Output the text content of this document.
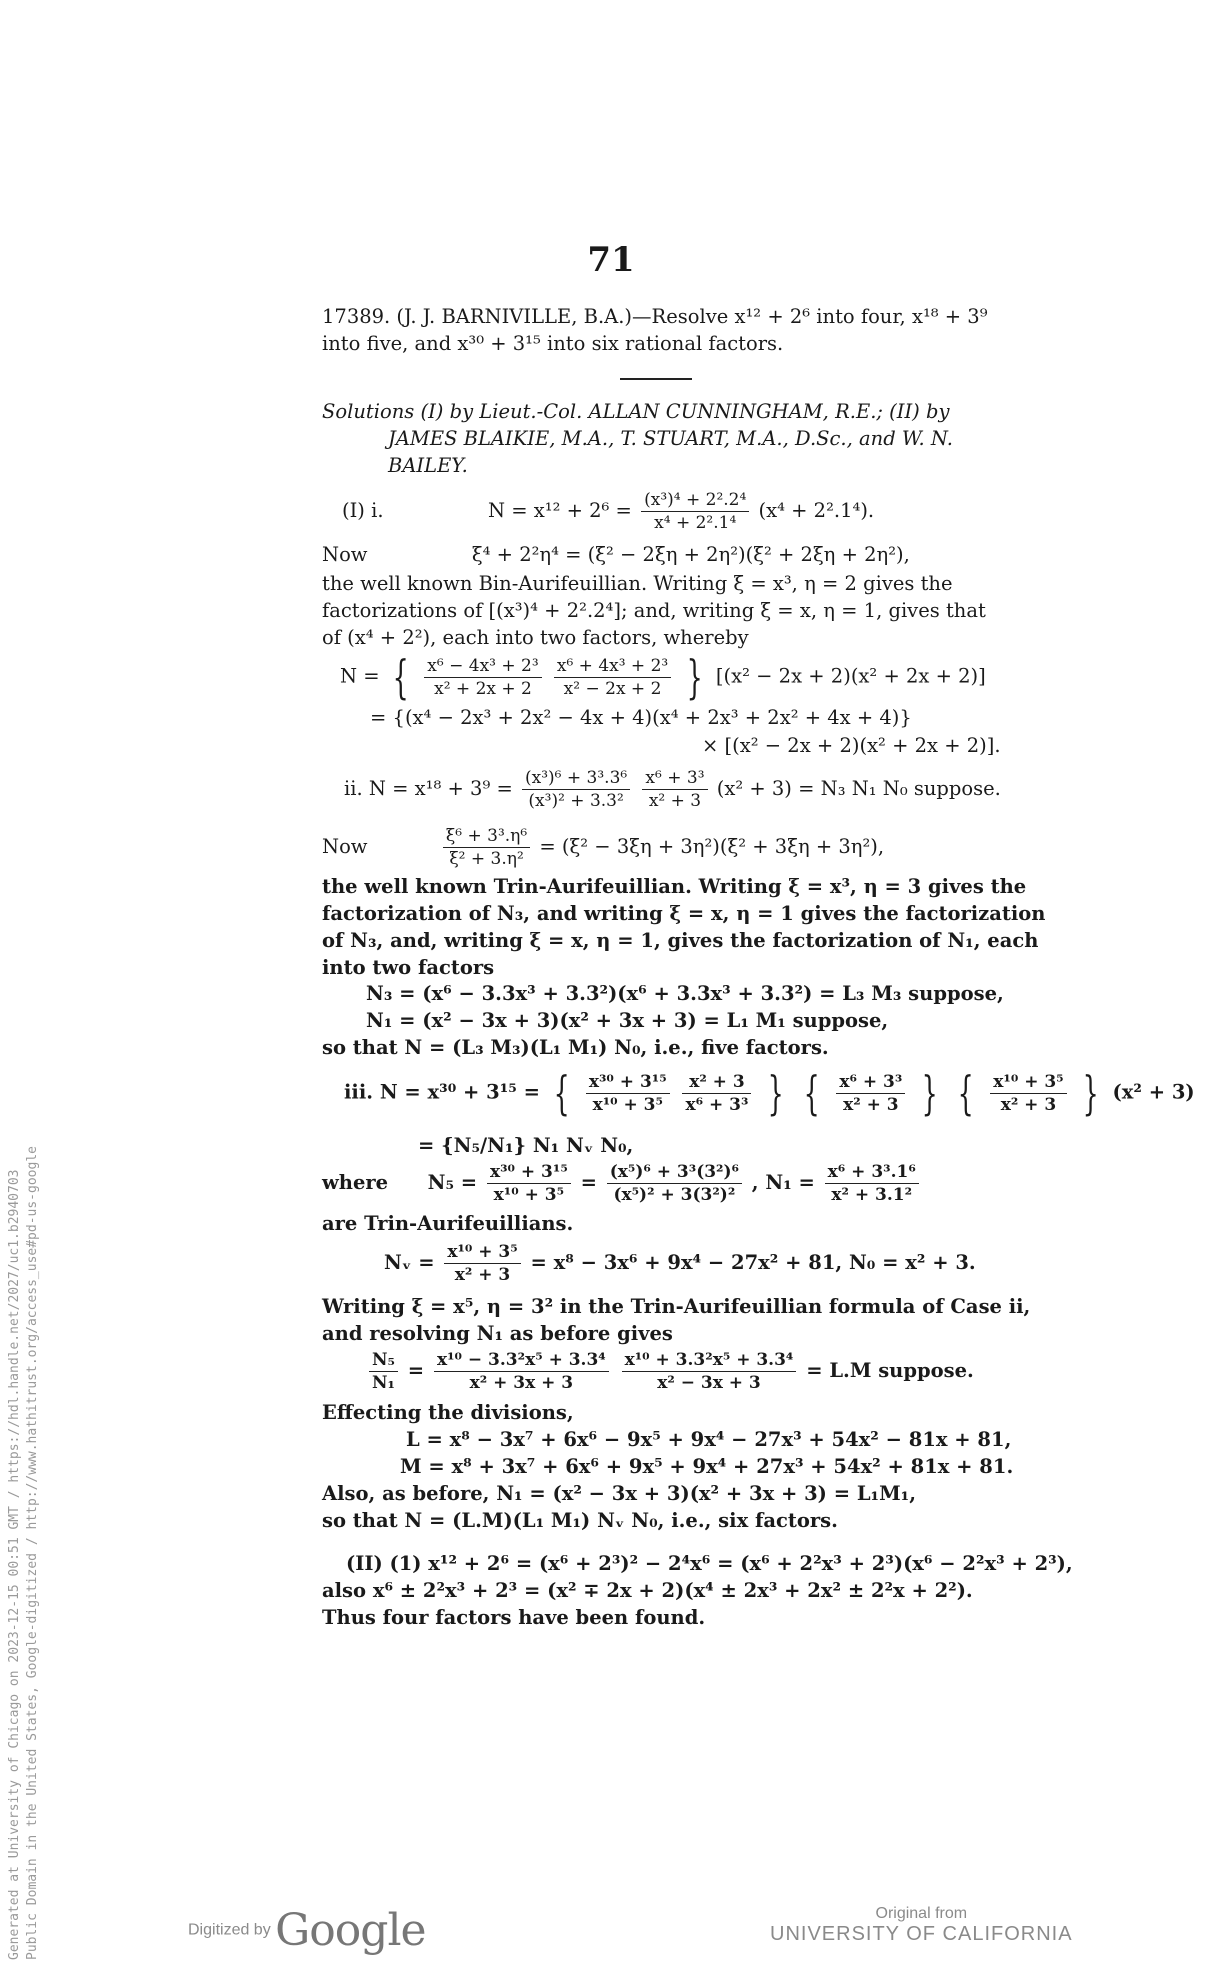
71
17389. (J. J. BARNIVILLE, B.A.)—Resolve x¹² + 2⁶ into four, x¹⁸ + 3⁹
into five, and x³⁰ + 3¹⁵ into six rational factors.
Solutions (I) by Lieut.-Col. ALLAN CUNNINGHAM, R.E.; (II) by
JAMES BLAIKIE, M.A., T. STUART, M.A., D.Sc., and W. N.
BAILEY.
(I) i.	$N = x^{12} + 2^6 = \frac{\text{(x³)⁴ + 2².2⁴}}{\text{x⁴ + 2².1⁴}} (x^4 + 2^2.1^4)$.
Now	ξ⁴ + 2²η⁴ = (ξ² − 2ξη + 2η²)(ξ² + 2ξη + 2η²),
the well known Bin-Aurifeuillian. Writing ξ = x³, η = 2 gives the
factorizations of [(x³)⁴ + 2².2⁴]; and, writing ξ = x, η = 1, gives that
of (x⁴ + 2²), each into two factors, whereby
N = { $\frac{\text{x⁶ − 4x³ + 2³}}{\text{x² + 2x + 2}}$
$\frac{\text{x⁶ + 4x³ + 2³}}{\text{x² − 2x + 2}}$ } [(x² − 2x + 2)(x² + 2x + 2)]
= {(x⁴ − 2x³ + 2x² − 4x + 4)(x⁴ + 2x³ + 2x² + 4x + 4)}
× [(x² − 2x + 2)(x² + 2x + 2)].
ii. $N = x^{18} + 3^9 = \frac{\text{(x³)⁶ + 3³.3⁶}}{\text{(x³)² + 3.3²}}$
$\frac{\text{x⁶ + 3³}}{\text{x² + 3}} (x^2 + 3) = N_3$ N₁ N₀ suppose.
Now	$\frac{\text{ξ⁶ + 3³.η⁶}}{\text{ξ² + 3.η²}} = (\xi^2 - 3\xi\eta + 3\eta^2)(\xi^2 + 3\xi\eta + 3\eta^2)$,
the well known Trin-Aurifeuillian. Writing ξ = x³, η = 3 gives the
factorization of N₃, and writing ξ = x, η = 1 gives the factorization
of N₃, and, writing ξ = x, η = 1, gives the factorization of N₁, each
into two factors
N₃ = (x⁶ − 3.3x³ + 3.3²)(x⁶ + 3.3x³ + 3.3²) = L₃ M₃ suppose,
N₁ = (x² − 3x + 3)(x² + 3x + 3) = L₁ M₁ suppose,
so that N = (L₃ M₃)(L₁ M₁) N₀, i.e., five factors.
iii. N = x³⁰ + 3¹⁵ = { $\frac{\text{x³⁰ + 3¹⁵}}{\text{x¹⁰ + 3⁵}}$
$\frac{\text{x² + 3}}{\text{x⁶ + 3³}}$ } { $\frac{\text{x⁶ + 3³}}{\text{x² + 3}}$ } { $\frac{\text{x¹⁰ + 3⁵}}{\text{x² + 3}}$ } (x² + 3)
= {N₅/N₁} N₁ Nᵥ N₀,
where $N_5 = \frac{\text{x³⁰ + 3¹⁵}}{\text{x¹⁰ + 3⁵}} = \frac{\text{(x⁵)⁶ + 3³(3²)⁶}}{\text{(x⁵)² + 3(3²)²}}$ , $N_1 = \frac{\text{x⁶ + 3³.1⁶}}{\text{x² + 3.1²}}$
are Trin-Aurifeuillians.
Nᵥ = $\frac{\text{x¹⁰ + 3⁵}}{\text{x² + 3}} = x^8 - 3x^6 + 9x^4 - 27x^2 + 81$, N₀ = x² + 3.
Writing ξ = x⁵, η = 3² in the Trin-Aurifeuillian formula of Case ii,
and resolving N₁ as before gives
$\frac{\text{N₅}}{\text{N₁}} = \frac{\text{x¹⁰ − 3.3²x⁵ + 3.3⁴}}{\text{x² + 3x + 3}}$
$\frac{\text{x¹⁰ + 3.3²x⁵ + 3.3⁴}}{\text{x² − 3x + 3}} = L.M$ suppose.
Effecting the divisions,
L = x⁸ − 3x⁷ + 6x⁶ − 9x⁵ + 9x⁴ − 27x³ + 54x² − 81x + 81,
M = x⁸ + 3x⁷ + 6x⁶ + 9x⁵ + 9x⁴ + 27x³ + 54x² + 81x + 81.
Also, as before, N₁ = (x² − 3x + 3)(x² + 3x + 3) = L₁M₁,
so that N = (L.M)(L₁ M₁) Nᵥ N₀, i.e., six factors.
(II) (1) x¹² + 2⁶ = (x⁶ + 2³)² − 2⁴x⁶ = (x⁶ + 2²x³ + 2³)(x⁶ − 2²x³ + 2³),
also x⁶ ± 2²x³ + 2³ = (x² ∓ 2x + 2)(x⁴ ± 2x³ + 2x² ± 2²x + 2²).
Thus four factors have been found.
Generated at University of Chicago on 2023-12-15 00:51 GMT / https://hdl.handle.net/2027/uc1.b2940703 Public Domain in the United States, Google-digitized / http://www.hathitrust.org/access_use#pd-us-google	Digitized by Google	Original from
UNIVERSITY OF CALIFORNIA
